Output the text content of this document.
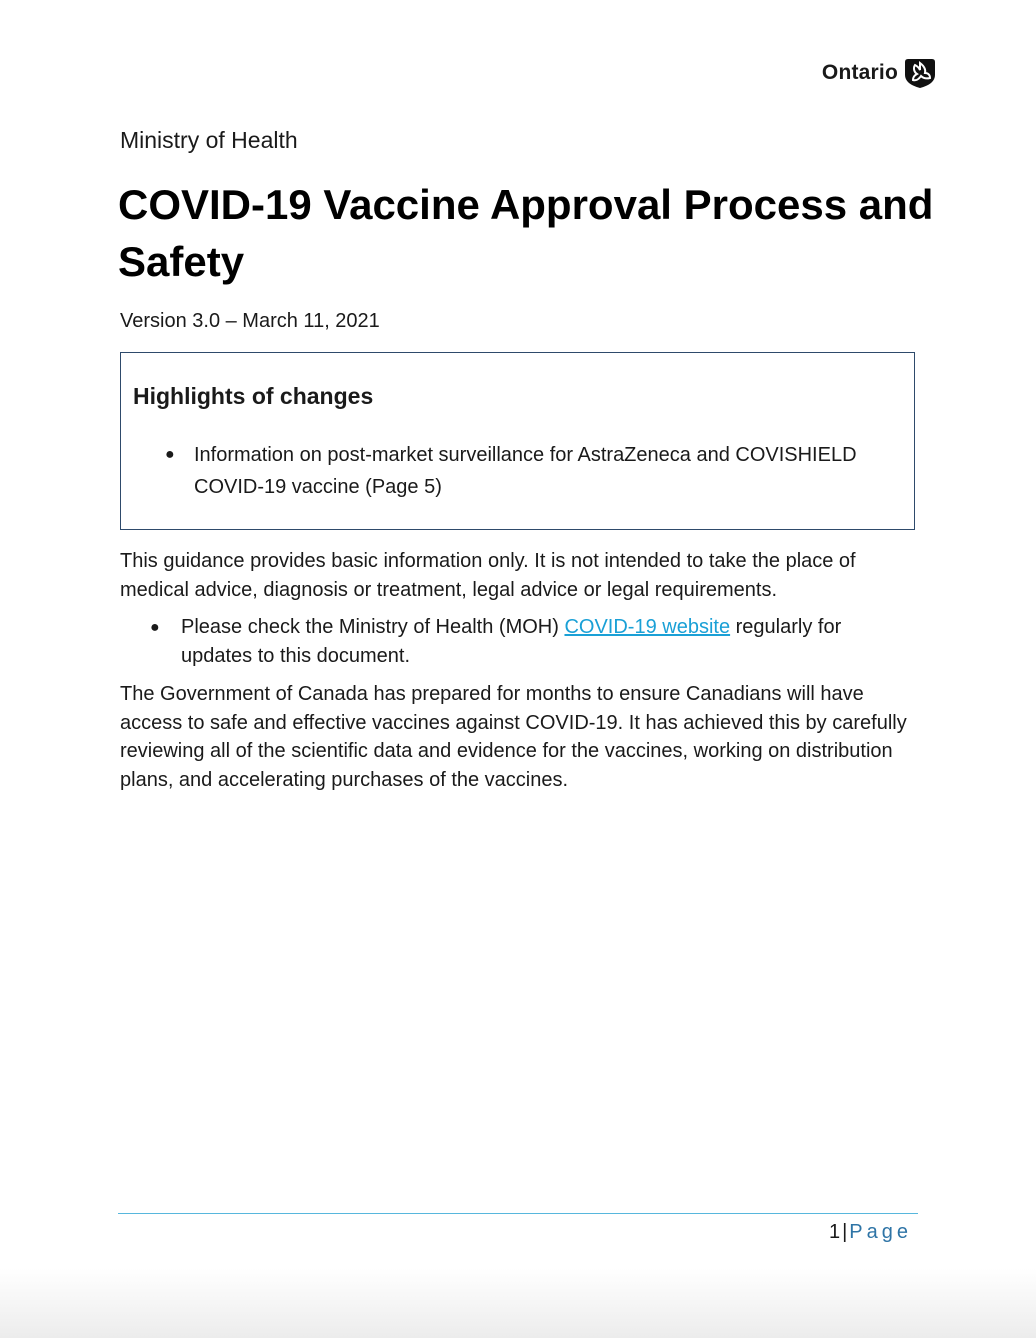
Ontario
Ministry of Health
COVID-19 Vaccine Approval Process and Safety
Version 3.0 – March 11, 2021
Highlights of changes
● Information on post-market surveillance for AstraZeneca and COVISHIELD COVID-19 vaccine (Page 5)

This guidance provides basic information only. It is not intended to take the place of medical advice, diagnosis or treatment, legal advice or legal requirements.

● Please check the Ministry of Health (MOH) COVID-19 website regularly for updates to this document.

The Government of Canada has prepared for months to ensure Canadians will have access to safe and effective vaccines against COVID-19. It has achieved this by carefully reviewing all of the scientific data and evidence for the vaccines, working on distribution plans, and accelerating purchases of the vaccines.

1 | Page
